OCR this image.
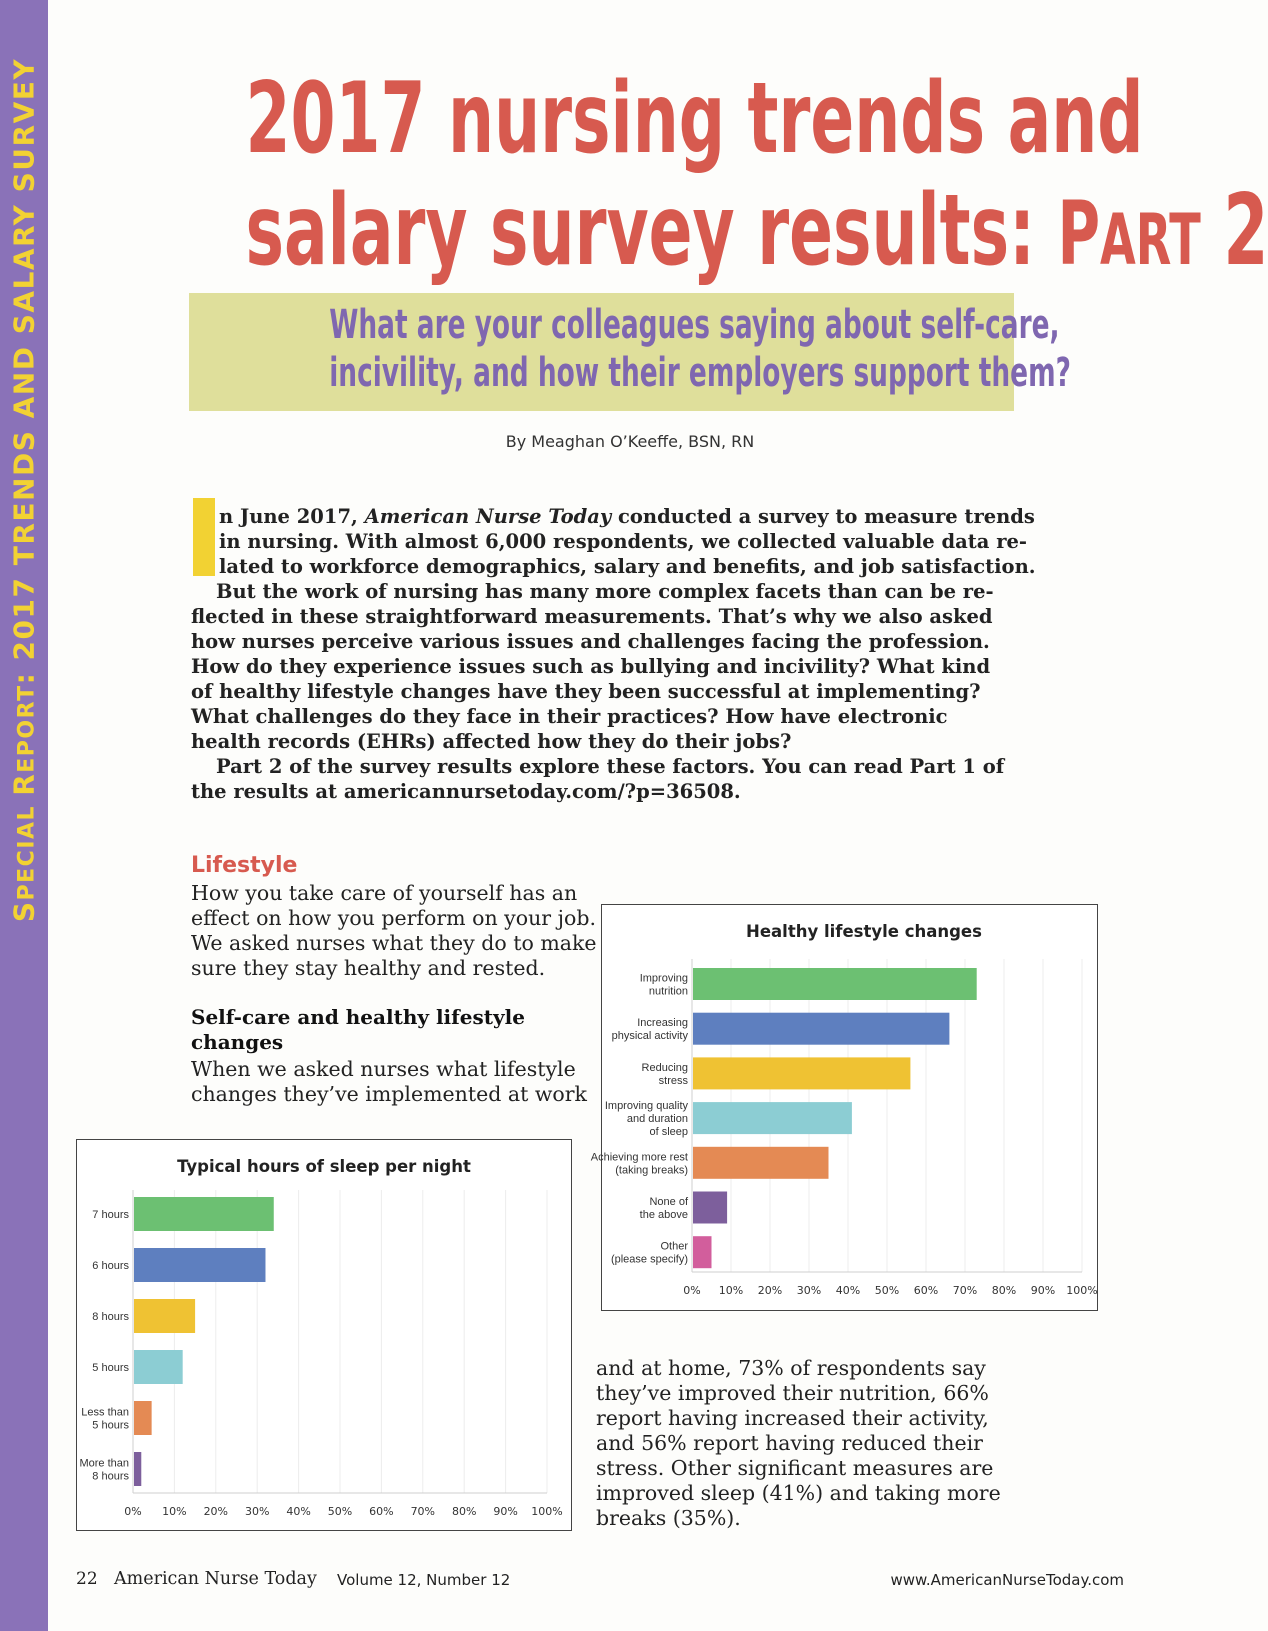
SPECIAL REPORT: 2017 TRENDS AND SALARY SURVEY 2017 nursing trends and
salary survey results: PART 2
What are your colleagues saying about self-care,
incivility, and how their employers support them?
By Meaghan O’Keeffe, BSN, RN
n June 2017, American Nurse Today conducted a survey to measure trends
in nursing. With almost 6,000 respondents, we collected valuable data re-
lated to workforce demographics, salary and benefits, and job satisfaction.
But the work of nursing has many more complex facets than can be re-
flected in these straightforward measurements. That’s why we also asked
how nurses perceive various issues and challenges facing the profession.
How do they experience issues such as bullying and incivility? What kind
of healthy lifestyle changes have they been successful at implementing?
What challenges do they face in their practices? How have electronic
health records (EHRs) affected how they do their jobs?
Part 2 of the survey results explore these factors. You can read Part 1 of
the results at americannursetoday.com/?p=36508.
Lifestyle
How you take care of yourself has an
effect on how you perform on your job.
We asked nurses what they do to make
sure they stay healthy and rested.
Self-care and healthy lifestyle
changes
When we asked nurses what lifestyle
changes they’ve implemented at work
and at home, 73% of respondents say
they’ve improved their nutrition, 66%
report having increased their activity,
and 56% report having reduced their
stress. Other significant measures are
improved sleep (41%) and taking more
breaks (35%).
Healthy lifestyle changes
0% 10% 20% 30% 40% 50% 60% 70% 80% 90% 100%
Improving
nutrition
Increasing
physical activity
Reducing
stress
Improving quality
and duration
of sleep
Achieving more rest
(taking breaks)
None of
the above
Other
(please specify)
Typical hours of sleep per night
0% 10% 20% 30% 40% 50% 60% 70% 80% 90% 100%
7 hours
6 hours
8 hours
5 hours
Less than
5 hours
More than
8 hours
22 American Nurse Today Volume 12, Number 12	www.AmericanNurseToday.com
